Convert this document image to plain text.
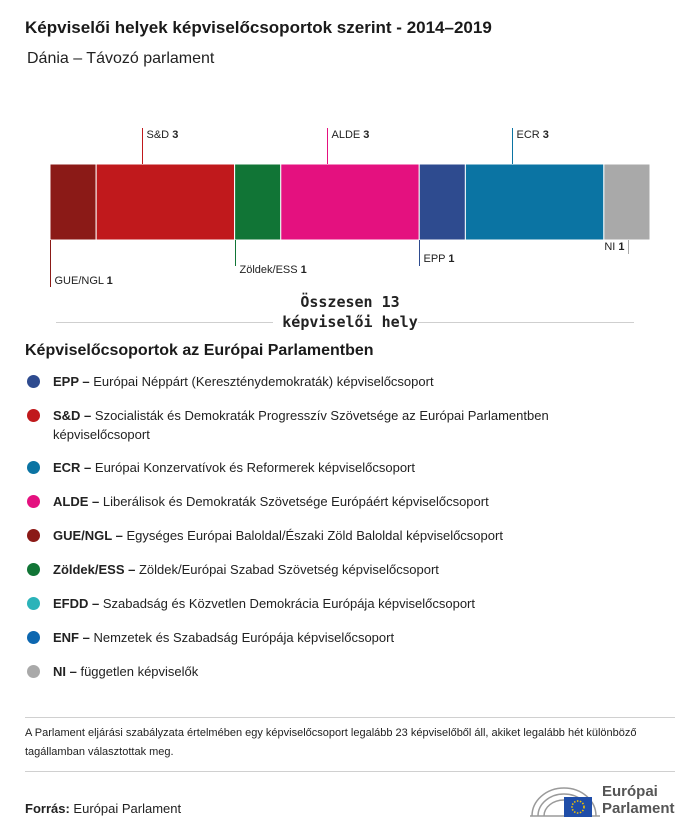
Képviselői helyek képviselőcsoportok szerint - 2014–2019
Dánia – Távozó parlament
GUE/NGL 1
S&D 3
Zöldek/ESS 1
ALDE 3
EPP 1
ECR 3
NI 1
Összesen 13 képviselői hely
Képviselőcsoportok az Európai Parlamentben
EPP – Európai Néppárt (Kereszténydemokraták) képviselőcsoport
S&D – Szocialisták és Demokraták Progresszív Szövetsége az Európai Parlamentben képviselőcsoport
ECR – Európai Konzervatívok és Reformerek képviselőcsoport
ALDE – Liberálisok és Demokraták Szövetsége Európáért képviselőcsoport
GUE/NGL – Egységes Európai Baloldal/Északi Zöld Baloldal képviselőcsoport
Zöldek/ESS – Zöldek/Európai Szabad Szövetség képviselőcsoport
EFDD – Szabadság és Közvetlen Demokrácia Európája képviselőcsoport
ENF – Nemzetek és Szabadság Európája képviselőcsoport
NI – független képviselők
A Parlament eljárási szabályzata értelmében egy képviselőcsoport legalább 23 képviselőből áll, akiket legalább hét különböző tagállamban választottak meg.
Forrás: Európai Parlament
Európai
Parlament
